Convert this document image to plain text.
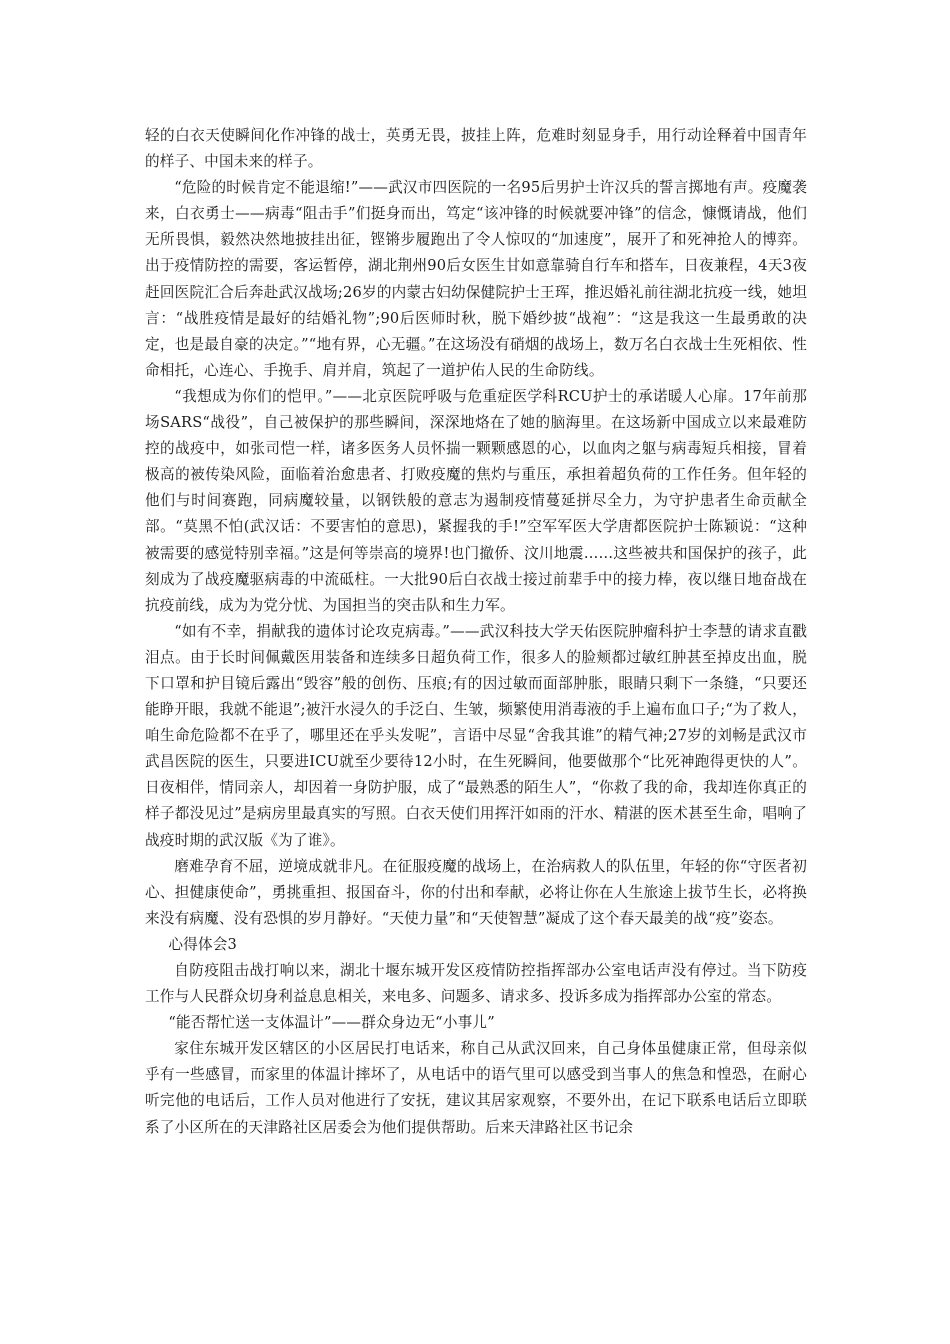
轻的白衣天使瞬间化作冲锋的战士，英勇无畏，披挂上阵，危难时刻显身手，用行动诠释着中国青年的样子、中国未来的样子。

“危险的时候肯定不能退缩!”——武汉市四医院的一名95后男护士许汉兵的誓言掷地有声。疫魔袭来，白衣勇士——病毒“阻击手”们挺身而出，笃定“该冲锋的时候就要冲锋”的信念，慷慨请战，他们无所畏惧，毅然决然地披挂出征，铿锵步履跑出了令人惊叹的“加速度”，展开了和死神抢人的博弈。出于疫情防控的需要，客运暂停，湖北荆州90后女医生甘如意靠骑自行车和搭车，日夜兼程，4天3夜赶回医院汇合后奔赴武汉战场;26岁的内蒙古妇幼保健院护士王珲，推迟婚礼前往湖北抗疫一线，她坦言：“战胜疫情是最好的结婚礼物”;90后医师时秋，脱下婚纱披“战袍”：“这是我这一生最勇敢的决定，也是最自豪的决定。”“地有界，心无疆。”在这场没有硝烟的战场上，数万名白衣战士生死相依、性命相托，心连心、手挽手、肩并肩，筑起了一道护佑人民的生命防线。

“我想成为你们的恺甲。”——北京医院呼吸与危重症医学科RCU护士的承诺暖人心扉。17年前那场SARS“战役”，自己被保护的那些瞬间，深深地烙在了她的脑海里。在这场新中国成立以来最难防控的战疫中，如张司恺一样，诸多医务人员怀揣一颗颗感恩的心，以血肉之躯与病毒短兵相接，冒着极高的被传染风险，面临着治愈患者、打败疫魔的焦灼与重压，承担着超负荷的工作任务。但年轻的他们与时间赛跑，同病魔较量，以钢铁般的意志为遏制疫情蔓延拼尽全力，为守护患者生命贡献全部。“莫黑不怕(武汉话：不要害怕的意思)，紧握我的手!”空军军医大学唐都医院护士陈颖说：“这种被需要的感觉特别幸福。”这是何等崇高的境界!也门撤侨、汶川地震……这些被共和国保护的孩子，此刻成为了战疫魔驱病毒的中流砥柱。一大批90后白衣战士接过前辈手中的接力棒，夜以继日地奋战在抗疫前线，成为为党分忧、为国担当的突击队和生力军。

“如有不幸，捐献我的遗体讨论攻克病毒。”——武汉科技大学天佑医院肿瘤科护士李慧的请求直戳泪点。由于长时间佩戴医用装备和连续多日超负荷工作，很多人的脸颊都过敏红肿甚至掉皮出血，脱下口罩和护目镜后露出“毁容”般的创伤、压痕;有的因过敏而面部肿胀，眼睛只剩下一条缝，“只要还能睁开眼，我就不能退”;被汗水浸久的手泛白、生皱，频繁使用消毒液的手上遍布血口子;“为了救人，咱生命危险都不在乎了，哪里还在乎头发呢”，言语中尽显“舍我其谁”的精气神;27岁的刘畅是武汉市武昌医院的医生，只要进ICU就至少要待12小时，在生死瞬间，他要做那个“比死神跑得更快的人”。日夜相伴，情同亲人，却因着一身防护服，成了“最熟悉的陌生人”，“你救了我的命，我却连你真正的样子都没见过”是病房里最真实的写照。白衣天使们用挥汗如雨的汗水、精湛的医术甚至生命，唱响了战疫时期的武汉版《为了谁》。

磨难孕育不屈，逆境成就非凡。在征服疫魔的战场上，在治病救人的队伍里，年轻的你“守医者初心、担健康使命”，勇挑重担、报国奋斗，你的付出和奉献，必将让你在人生旅途上拔节生长，必将换来没有病魔、没有恐惧的岁月静好。“天使力量”和“天使智慧”凝成了这个春天最美的战“疫”姿态。

心得体会3

自防疫阻击战打响以来，湖北十堰东城开发区疫情防控指挥部办公室电话声没有停过。当下防疫工作与人民群众切身利益息息相关，来电多、问题多、请求多、投诉多成为指挥部办公室的常态。

“能否帮忙送一支体温计”——群众身边无“小事儿”

家住东城开发区辖区的小区居民打电话来，称自己从武汉回来，自己身体虽健康正常，但母亲似乎有一些感冒，而家里的体温计摔坏了，从电话中的语气里可以感受到当事人的焦急和惶恐，在耐心听完他的电话后，工作人员对他进行了安抚，建议其居家观察，不要外出，在记下联系电话后立即联系了小区所在的天津路社区居委会为他们提供帮助。后来天津路社区书记余
